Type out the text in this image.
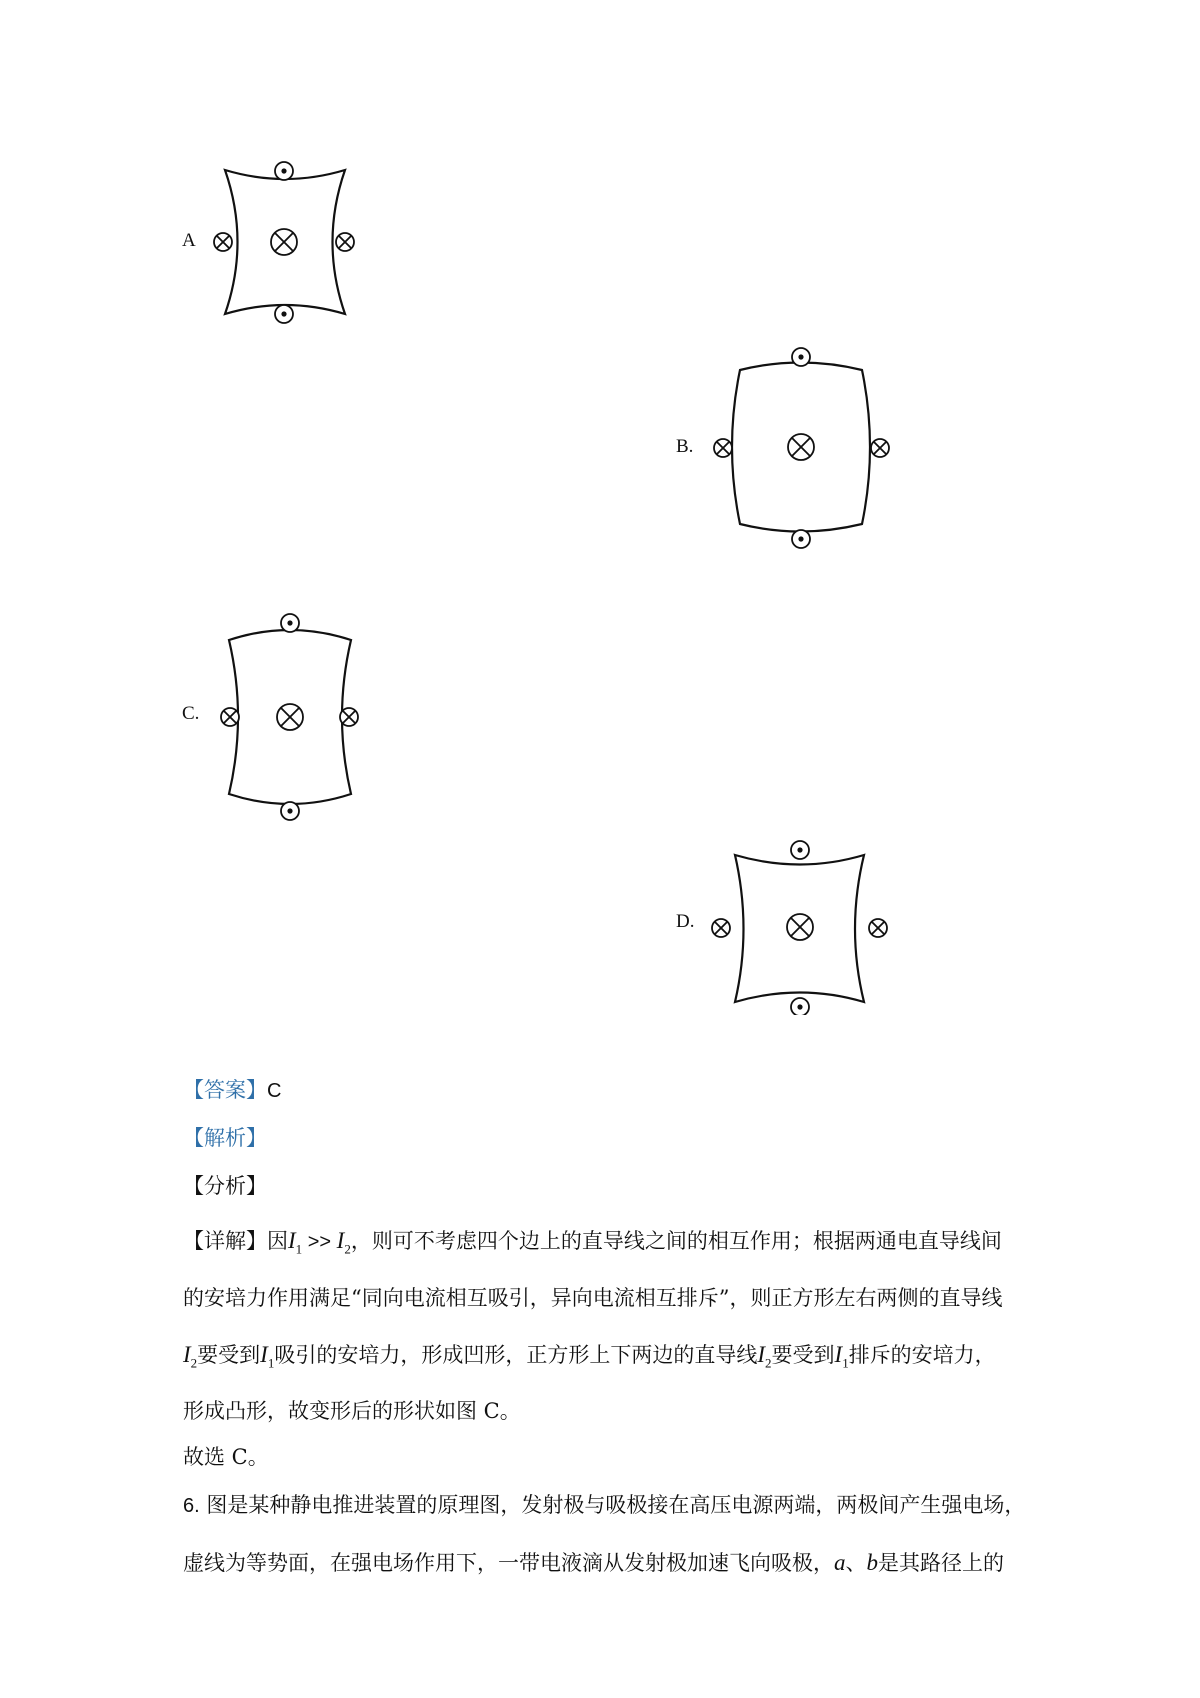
A
B.
C.
D.
【答案】C
【解析】
【分析】
【详解】因$I_1 >> I_2$，则可不考虑四个边上的直导线之间的相互作用；根据两通电直导线间
的安培力作用满足“同向电流相互吸引，异向电流相互排斥”，则正方形左右两侧的直导线
$I_2$要受到$I_1$吸引的安培力，形成凹形，正方形上下两边的直导线$I_2$要受到$I_1$排斥的安培力，
形成凸形，故变形后的形状如图 C。
故选 C。
6. 图是某种静电推进装置的原理图，发射极与吸极接在高压电源两端，两极间产生强电场，
虚线为等势面，在强电场作用下，一带电液滴从发射极加速飞向吸极，a、b是其路径上的
